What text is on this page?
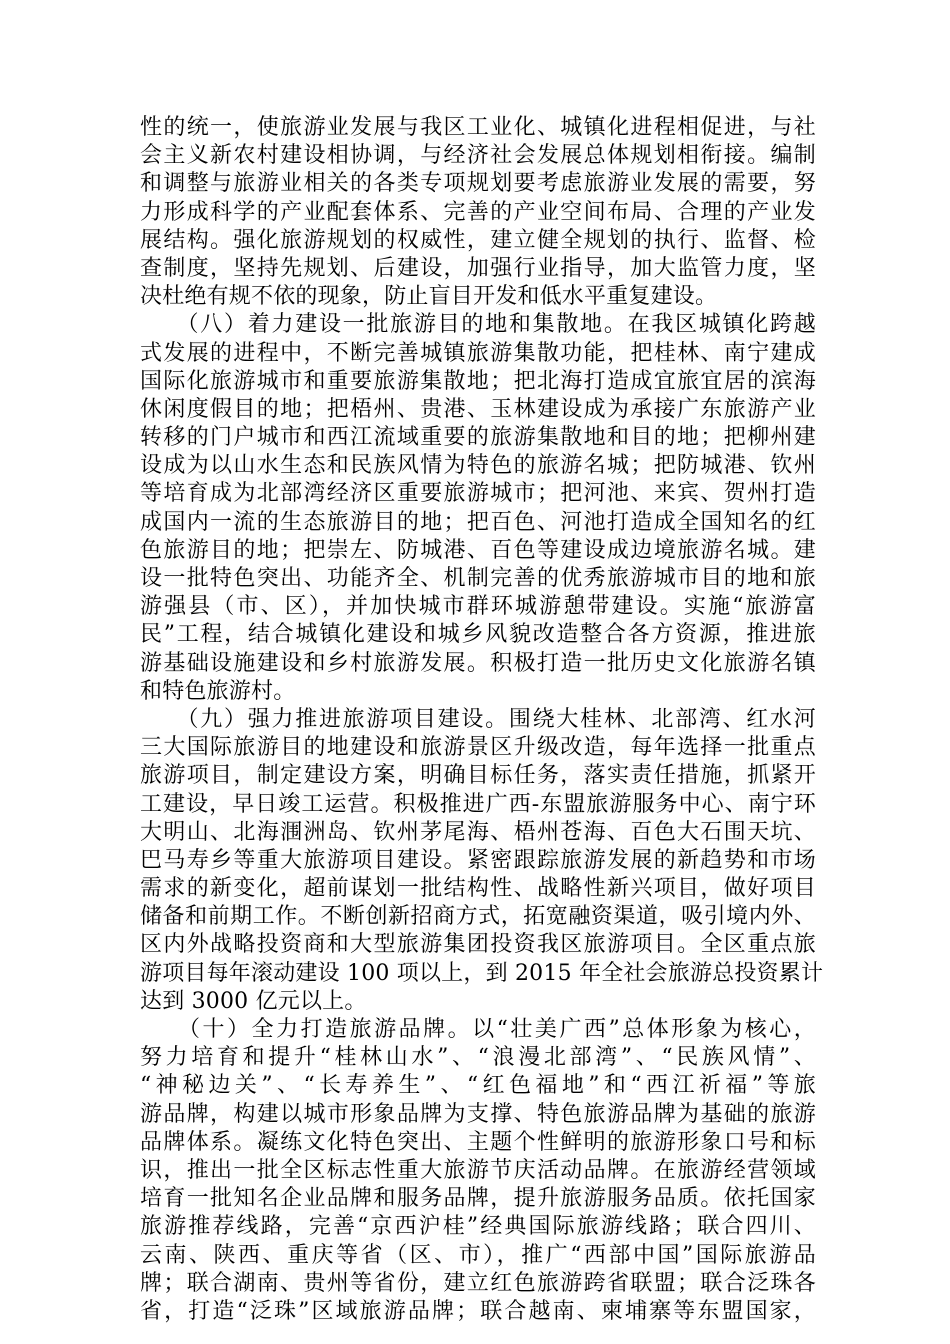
性的统一，使旅游业发展与我区工业化、城镇化进程相促进，与社
会主义新农村建设相协调，与经济社会发展总体规划相衔接。编制
和调整与旅游业相关的各类专项规划要考虑旅游业发展的需要，努
力形成科学的产业配套体系、完善的产业空间布局、合理的产业发
展结构。强化旅游规划的权威性，建立健全规划的执行、监督、检
查制度，坚持先规划、后建设，加强行业指导，加大监管力度，坚
决杜绝有规不依的现象，防止盲目开发和低水平重复建设。
　　（八）着力建设一批旅游目的地和集散地。在我区城镇化跨越
式发展的进程中，不断完善城镇旅游集散功能，把桂林、南宁建成
国际化旅游城市和重要旅游集散地；把北海打造成宜旅宜居的滨海
休闲度假目的地；把梧州、贵港、玉林建设成为承接广东旅游产业
转移的门户城市和西江流域重要的旅游集散地和目的地；把柳州建
设成为以山水生态和民族风情为特色的旅游名城；把防城港、钦州
等培育成为北部湾经济区重要旅游城市；把河池、来宾、贺州打造
成国内一流的生态旅游目的地；把百色、河池打造成全国知名的红
色旅游目的地；把崇左、防城港、百色等建设成边境旅游名城。建
设一批特色突出、功能齐全、机制完善的优秀旅游城市目的地和旅
游强县（市、区），并加快城市群环城游憩带建设。实施“旅游富
民”工程，结合城镇化建设和城乡风貌改造整合各方资源，推进旅
游基础设施建设和乡村旅游发展。积极打造一批历史文化旅游名镇
和特色旅游村。
　　（九）强力推进旅游项目建设。围绕大桂林、北部湾、红水河
三大国际旅游目的地建设和旅游景区升级改造，每年选择一批重点
旅游项目，制定建设方案，明确目标任务，落实责任措施，抓紧开
工建设，早日竣工运营。积极推进广西-东盟旅游服务中心、南宁环
大明山、北海涠洲岛、钦州茅尾海、梧州苍海、百色大石围天坑、
巴马寿乡等重大旅游项目建设。紧密跟踪旅游发展的新趋势和市场
需求的新变化，超前谋划一批结构性、战略性新兴项目，做好项目
储备和前期工作。不断创新招商方式，拓宽融资渠道，吸引境内外、
区内外战略投资商和大型旅游集团投资我区旅游项目。全区重点旅
游项目每年滚动建设 100 项以上，到 2015 年全社会旅游总投资累计
达到 3000 亿元以上。
　　（十）全力打造旅游品牌。以“壮美广西”总体形象为核心，
努力培育和提升“桂林山水”、“浪漫北部湾”、“民族风情”、
“神秘边关”、“长寿养生”、“红色福地”和“西江祈福”等旅
游品牌，构建以城市形象品牌为支撑、特色旅游品牌为基础的旅游
品牌体系。凝练文化特色突出、主题个性鲜明的旅游形象口号和标
识，推出一批全区标志性重大旅游节庆活动品牌。在旅游经营领域
培育一批知名企业品牌和服务品牌，提升旅游服务品质。依托国家
旅游推荐线路，完善“京西沪桂”经典国际旅游线路；联合四川、
云南、陕西、重庆等省（区、市），推广“西部中国”国际旅游品
牌；联合湖南、贵州等省份，建立红色旅游跨省联盟；联合泛珠各
省，打造“泛珠”区域旅游品牌；联合越南、柬埔寨等东盟国家，
